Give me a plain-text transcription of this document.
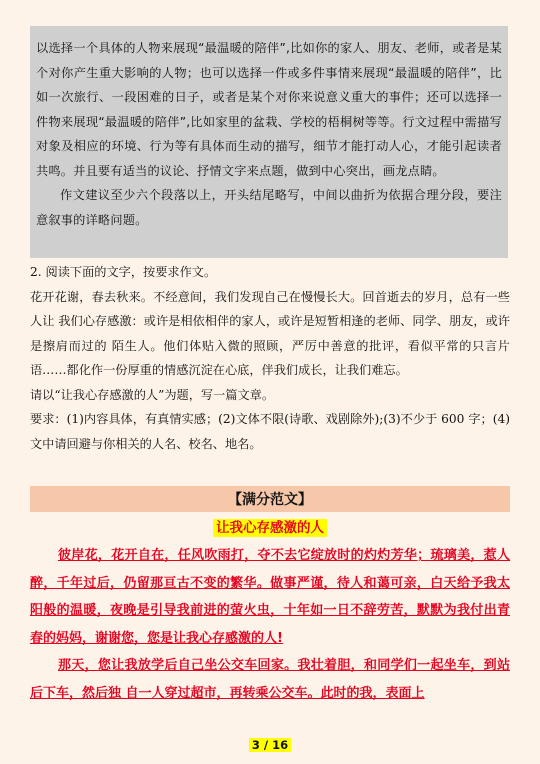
以选择一个具体的人物来展现“最温暖的陪伴”,比如你的家人、朋友、老师，或者是某个对你产生重大影响的人物；也可以选择一件或多件事情来展现“最温暖的陪伴”，比如一次旅行、一段困难的日子，或者是某个对你来说意义重大的事件；还可以选择一件物来展现“最温暖的陪伴”,比如家里的盆栽、学校的梧桐树等等。行文过程中需描写对象及相应的环境、行为等有具体而生动的描写，细节才能打动人心，才能引起读者共鸣。并且要有适当的议论、抒情文字来点题，做到中心突出，画龙点睛。

作文建议至少六个段落以上，开头结尾略写，中间以曲折为依据合理分段，要注意叙事的详略问题。

2. 阅读下面的文字，按要求作文。

花开花谢，春去秋来。不经意间，我们发现自己在慢慢长大。回首逝去的岁月，总有一些人让 我们心存感激：或许是相依相伴的家人，或许是短暂相逢的老师、同学、朋友，或许是擦肩而过的 陌生人。他们体贴入微的照顾，严厉中善意的批评，看似平常的只言片语……都化作一份厚重的情感沉淀在心底，伴我们成长，让我们难忘。

请以“让我心存感激的人”为题，写一篇文章。

要求：(1)内容具体，有真情实感；(2)文体不限(诗歌、戏剧除外);(3)不少于 600 字；(4)文中请回避与你相关的人名、校名、地名。

【满分范文】
让我心存感激的人

彼岸花，花开自在，任风吹雨打，夺不去它绽放时的灼灼芳华；琉璃美，惹人醉，千年过后，仍留那亘古不变的繁华。做事严谨，待人和蔼可亲，白天给予我太阳般的温暖，夜晚是引导我前进的萤火虫，十年如一日不辞劳苦，默默为我付出青春的妈妈，谢谢您，您是让我心存感激的人!

那天，您让我放学后自己坐公交车回家。我壮着胆，和同学们一起坐车，到站后下车，然后独 自一人穿过超市，再转乘公交车。此时的我，表面上

3 / 16
